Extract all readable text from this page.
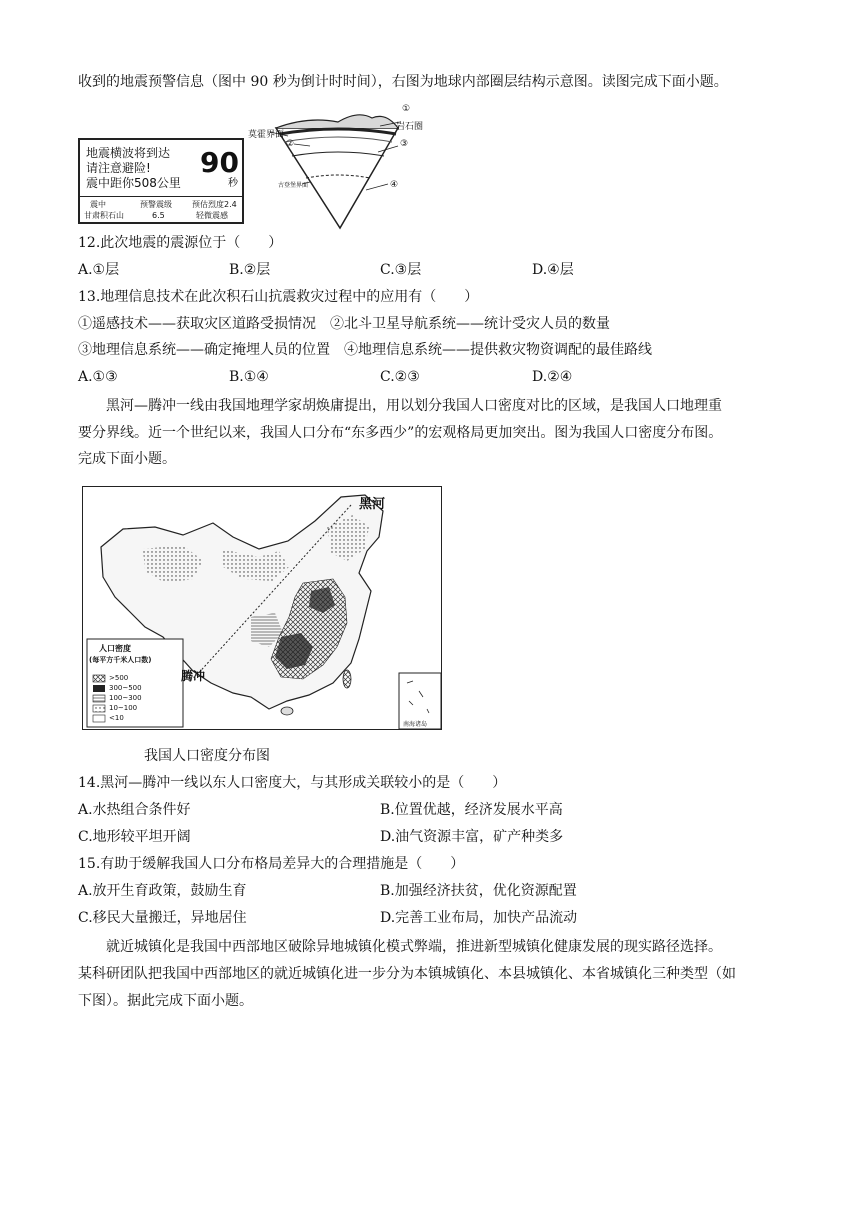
收到的地震预警信息（图中 90 秒为倒计时时间），右图为地球内部圈层结构示意图。读图完成下面小题。
地震横波将到达
请注意避险!
震中距你508公里
90
秒
震中
甘肃积石山
预警震级
6.5
预估烈度2.4
轻微震感
莫霍界面
岩石圈
古登堡界面
①
②	③
④
12.此次地震的震源位于（　　）
A.①层	B.②层	C.③层	D.④层
13.地理信息技术在此次积石山抗震救灾过程中的应用有（　　）
①遥感技术——获取灾区道路受损情况　②北斗卫星导航系统——统计受灾人员的数量
③地理信息系统——确定掩埋人员的位置　④地理信息系统——提供救灾物资调配的最佳路线
A.①③	B.①④	C.②③	D.②④
黑河—腾冲一线由我国地理学家胡焕庸提出，用以划分我国人口密度对比的区域，是我国人口地理重
要分界线。近一个世纪以来，我国人口分布“东多西少”的宏观格局更加突出。图为我国人口密度分布图。
完成下面小题。
黑河
腾冲
人口密度
(每平方千米人口数)
>500
300~500
100~300
10~100
<10
南海诸岛
我国人口密度分布图
14.黑河—腾冲一线以东人口密度大，与其形成关联较小的是（　　）
A.水热组合条件好	B.位置优越，经济发展水平高
C.地形较平坦开阔	D.油气资源丰富，矿产种类多
15.有助于缓解我国人口分布格局差异大的合理措施是（　　）
A.放开生育政策，鼓励生育	B.加强经济扶贫，优化资源配置
C.移民大量搬迁，异地居住	D.完善工业布局，加快产品流动
就近城镇化是我国中西部地区破除异地城镇化模式弊端，推进新型城镇化健康发展的现实路径选择。
某科研团队把我国中西部地区的就近城镇化进一步分为本镇城镇化、本县城镇化、本省城镇化三种类型（如
下图）。据此完成下面小题。
